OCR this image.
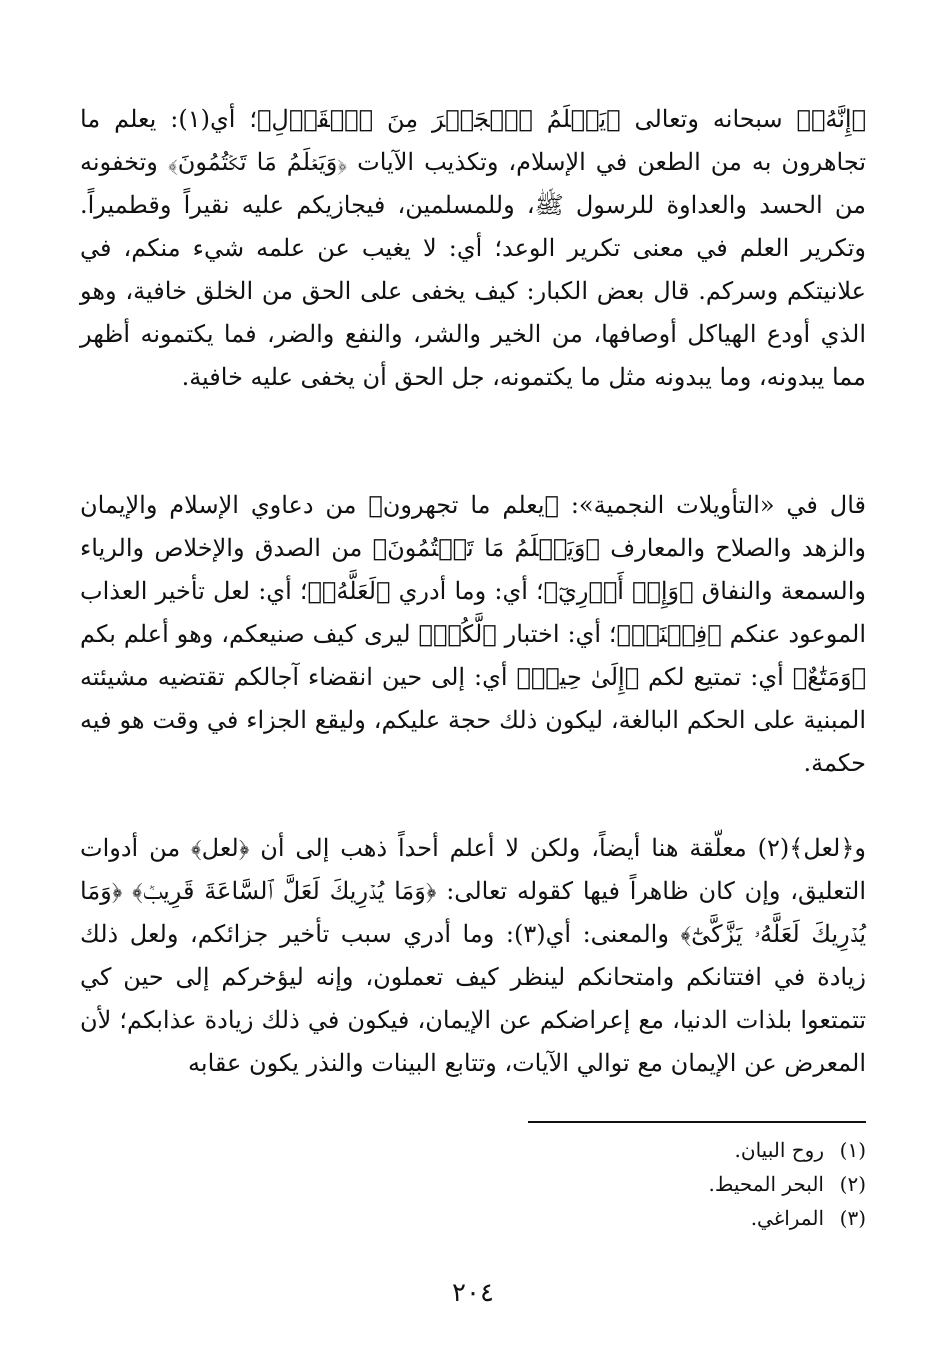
﴿إِنَّهُۥ﴾ سبحانه وتعالى ﴿يَعۡلَمُ ٱلۡجَهۡرَ مِنَ ٱلۡقَوۡلِ﴾؛ أي(١): يعلم ما تجاهرون به من الطعن في الإسلام، وتكذيب الآيات ﴿وَيَعۡلَمُ مَا تَكۡتُمُونَ﴾ وتخفونه من الحسد والعداوة للرسول ﷺ، وللمسلمين، فيجازيكم عليه نقيراً وقطميراً. وتكرير العلم في معنى تكرير الوعد؛ أي: لا يغيب عن علمه شيء منكم، في علانيتكم وسركم. قال بعض الكبار: كيف يخفى على الحق من الخلق خافية، وهو الذي أودع الهياكل أوصافها، من الخير والشر، والنفع والضر، فما يكتمونه أظهر مما يبدونه، وما يبدونه مثل ما يكتمونه، جل الحق أن يخفى عليه خافية.
قال في «التأويلات النجمية»: ﴿يعلم ما تجهرون﴾ من دعاوي الإسلام والإيمان والزهد والصلاح والمعارف ﴿وَيَعۡلَمُ مَا تَكۡتُمُونَ﴾ من الصدق والإخلاص والرياء والسمعة والنفاق ﴿وَإِنۡ أَدۡرِيٓ﴾؛ أي: وما أدري ﴿لَعَلَّهُۥ﴾؛ أي: لعل تأخير العذاب الموعود عنكم ﴿فِتۡنَةٞ﴾؛ أي: اختبار ﴿لَّكُمۡ﴾ ليرى كيف صنيعكم، وهو أعلم بكم ﴿وَمَتَٰعٌ﴾ أي: تمتيع لكم ﴿إِلَىٰ حِينٖ﴾ أي: إلى حين انقضاء آجالكم تقتضيه مشيئته المبنية على الحكم البالغة، ليكون ذلك حجة عليكم، وليقع الجزاء في وقت هو فيه حكمة.
و﴿لعل﴾(٢) معلّقة هنا أيضاً، ولكن لا أعلم أحداً ذهب إلى أن ﴿لعل﴾ من أدوات التعليق، وإن كان ظاهراً فيها كقوله تعالى: ﴿وَمَا يُدۡرِيكَ لَعَلَّ ٱلسَّاعَةَ قَرِيبٞ﴾ ﴿وَمَا يُدۡرِيكَ لَعَلَّهُۥ يَزَّكَّىٰٓ﴾ والمعنى: أي(٣): وما أدري سبب تأخير جزائكم، ولعل ذلك زيادة في افتتانكم وامتحانكم لينظر كيف تعملون، وإنه ليؤخركم إلى حين كي تتمتعوا بلذات الدنيا، مع إعراضكم عن الإيمان، فيكون في ذلك زيادة عذابكم؛ لأن المعرض عن الإيمان مع توالي الآيات، وتتابع البينات والنذر يكون عقابه
(١)
روح البيان.
(٢)
البحر المحيط.
(٣)
المراغي.
٢٠٤
